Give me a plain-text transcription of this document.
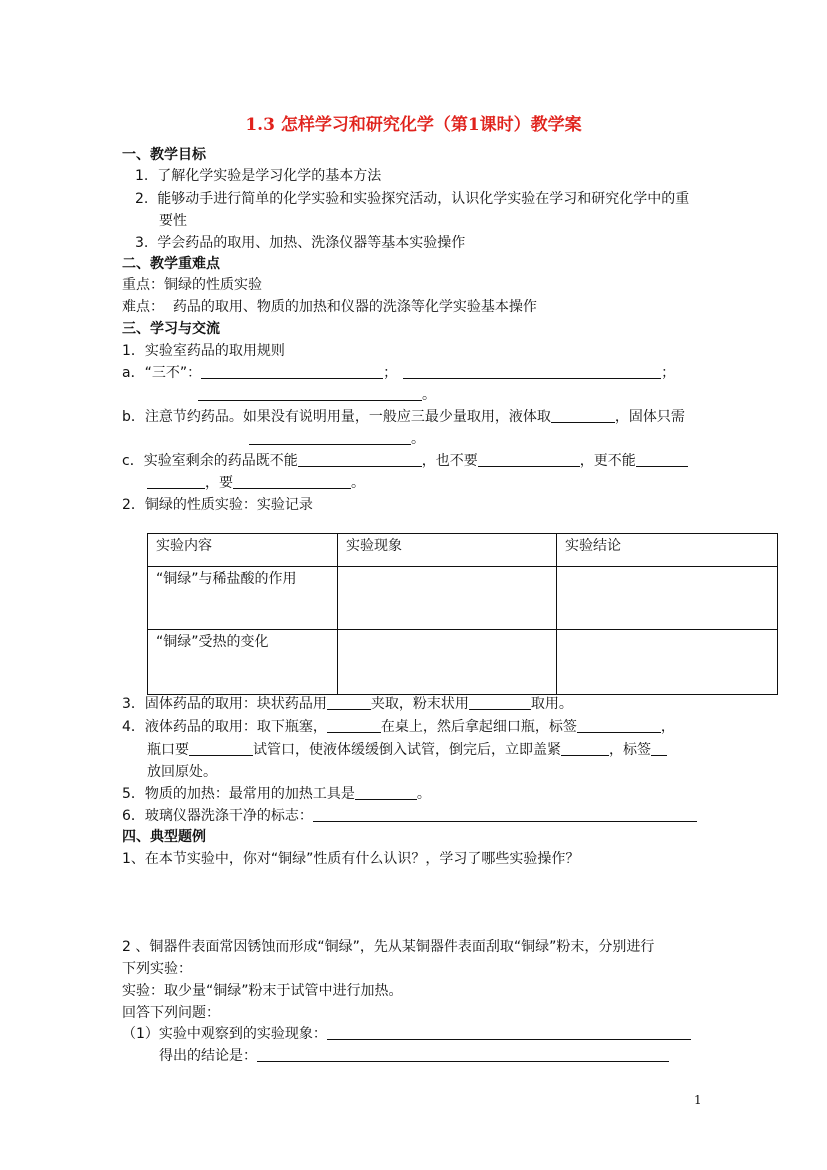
1.3 怎样学习和研究化学（第1课时）教学案
一、教学目标
1.  了解化学实验是学习化学的基本方法
2.  能够动手进行简单的化学实验和实验探究活动，认识化学实验在学习和研究化学中的重
要性
3.  学会药品的取用、加热、洗涤仪器等基本实验操作
二、教学重难点
重点：铜绿的性质实验
难点：  药品的取用、物质的加热和仪器的洗涤等化学实验基本操作
三、学习与交流
1．实验室药品的取用规则
a．“三不”：	；	；
。
b．注意节约药品。如果没有说明用量，一般应三最少量取用，液体取	，固体只需
。
c．实验室剩余的药品既不能	，也不要	，更不能
，要	。
2．铜绿的性质实验：实验记录
实验内容	实验现象	实验结论
“铜绿”与稀盐酸的作用		
“铜绿”受热的变化		
3．固体药品的取用：块状药品用	夹取，粉末状用	取用。
4．液体药品的取用：取下瓶塞，	在桌上，然后拿起细口瓶，标签	，
瓶口要	试管口，使液体缓缓倒入试管，倒完后，立即盖紧	，标签
放回原处。
5．物质的加热：最常用的加热工具是	。
6．玻璃仪器洗涤干净的标志：
四、典型题例
1、在本节实验中，你对“铜绿”性质有什么认识？，学习了哪些实验操作？
2 、铜器件表面常因锈蚀而形成“铜绿”，先从某铜器件表面刮取“铜绿”粉末，分别进行
下列实验：
实验：取少量“铜绿”粉末于试管中进行加热。
回答下列问题：
（1）实验中观察到的实验现象：
得出的结论是：
1
